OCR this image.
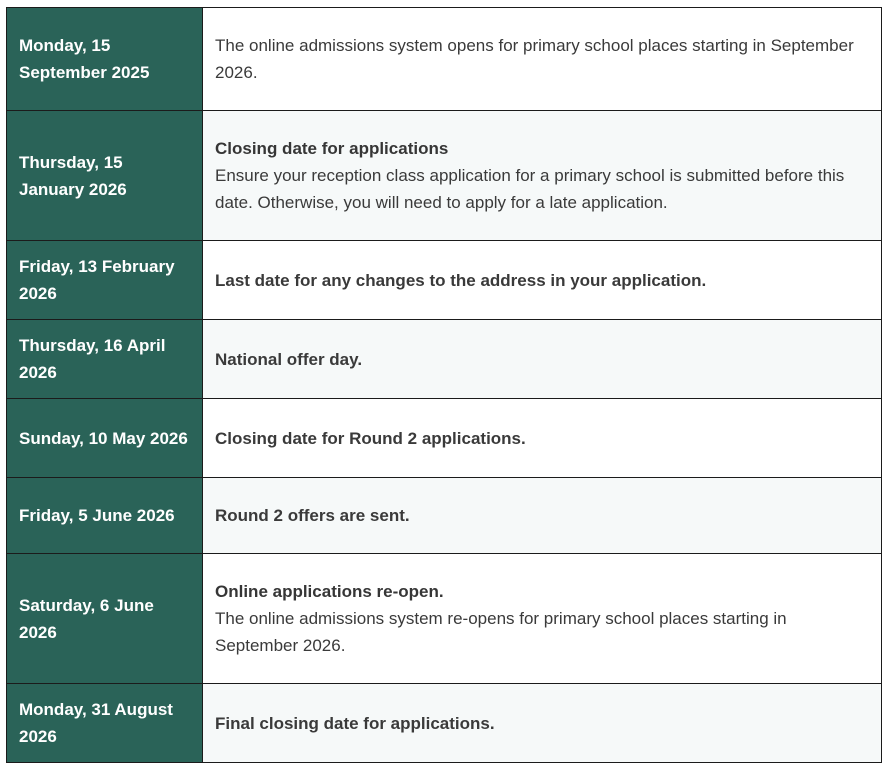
Monday, 15 September 2025	The online admissions system opens for primary school places starting in September 2026.

Thursday, 15 January 2026	Closing date for applications
Ensure your reception class application for a primary school is submitted before this date. Otherwise, you will need to apply for a late application.

Friday, 13 February 2026	Last date for any changes to the address in your application.

Thursday, 16 April 2026	National offer day.

Sunday, 10 May 2026	Closing date for Round 2 applications.

Friday, 5 June 2026	Round 2 offers are sent.

Saturday, 6 June 2026	Online applications re-open.
The online admissions system re-opens for primary school places starting in September 2026.

Monday, 31 August 2026	Final closing date for applications.
